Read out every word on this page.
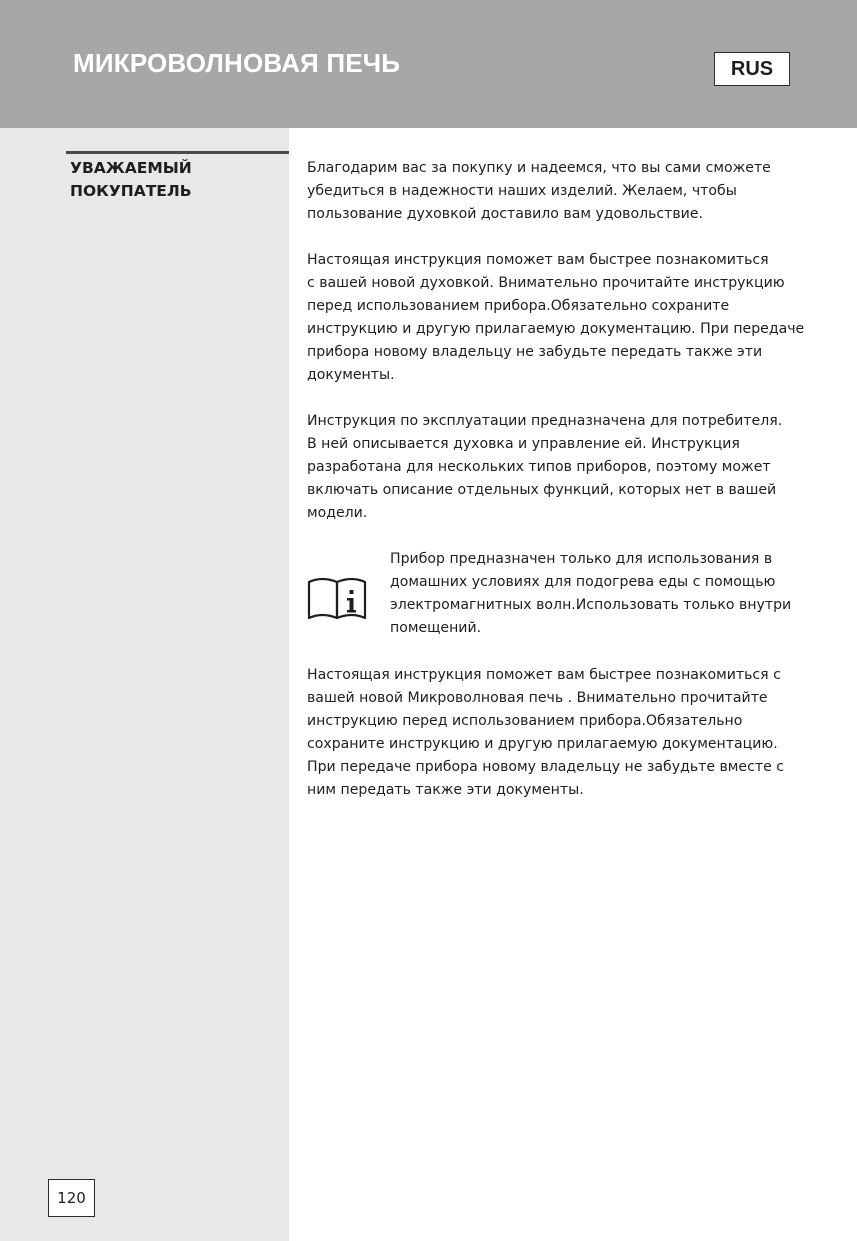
МИКРОВОЛНОВАЯ ПЕЧЬ	RUS
УВАЖАЕМЫЙ
ПОКУПАТЕЛЬ
Благодарим вас за покупку и надеемся, что вы сами сможете
убедиться в надежности наших изделий. Желаем, чтобы
пользование духовкой доставило вам удовольствие.
Настоящая инструкция поможет вам быстрее познакомиться
с вашей новой духовкой. Внимательно прочитайте инструкцию
перед использованием прибора.Обязательно сохраните
инструкцию и другую прилагаемую документацию. При передаче
прибора новому владельцу не забудьте передать также эти
документы.
Инструкция по эксплуатации предназначена для потребителя.
В ней описывается духовка и управление ей. Инструкция
разработана для нескольких типов приборов, поэтому может
включать описание отдельных функций, которых нет в вашей
модели.
Прибор предназначен только для использования в
домашних условиях для подогрева еды с помощью
электромагнитных волн.Использовать только внутри
помещений.
Настоящая инструкция поможет вам быстрее познакомиться с
вашей новой Микроволновая печь . Внимательно прочитайте
инструкцию перед использованием прибора.Обязательно
сохраните инструкцию и другую прилагаемую документацию.
При передаче прибора новому владельцу не забудьте вместе с
ним передать также эти документы.
120
